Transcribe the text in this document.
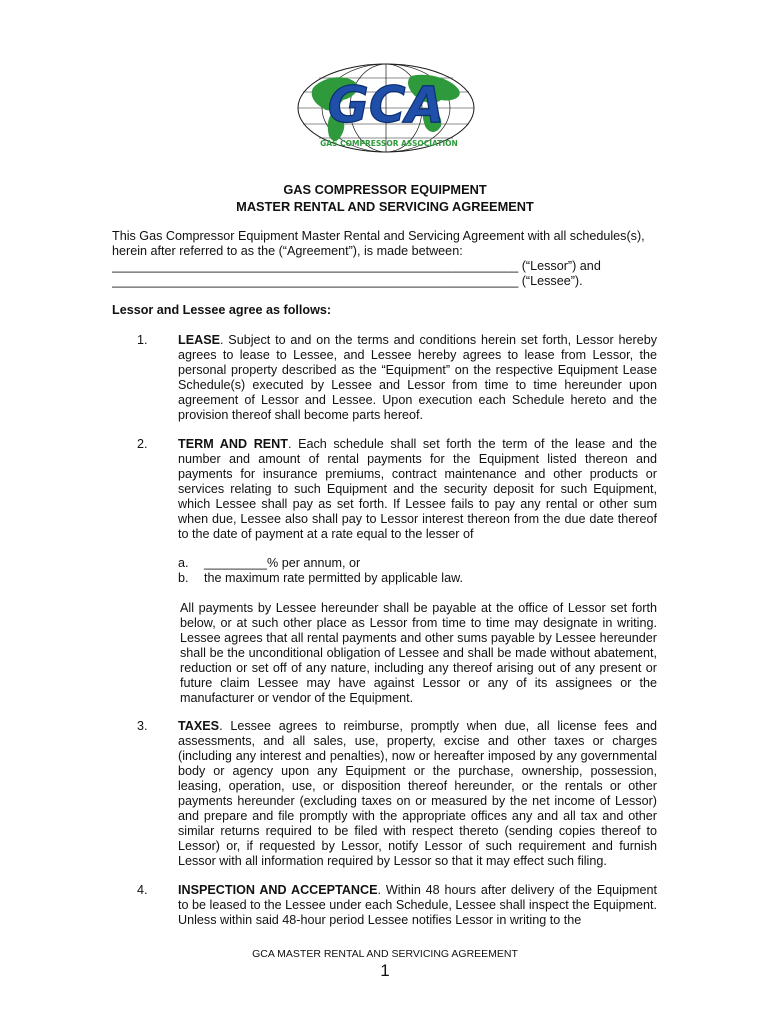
GCA
GAS COMPRESSOR ASSOCIATION
GAS COMPRESSOR EQUIPMENT
MASTER RENTAL AND SERVICING AGREEMENT

This Gas Compressor Equipment Master Rental and Servicing Agreement with all schedules(s), herein after referred to as the (“Agreement”), is made between:

__________________________________________________________ (“Lessor”) and

__________________________________________________________ (“Lessee”).

Lessor and Lessee agree as follows:
1. LEASE. Subject to and on the terms and conditions herein set forth, Lessor hereby agrees to lease to Lessee, and Lessee hereby agrees to lease from Lessor, the personal property described as the “Equipment” on the respective Equipment Lease Schedule(s) executed by Lessee and Lessor from time to time hereunder upon agreement of Lessor and Lessee. Upon execution each Schedule hereto and the provision thereof shall become parts hereof.

2. TERM AND RENT. Each schedule shall set forth the term of the lease and the number and amount of rental payments for the Equipment listed thereon and payments for insurance premiums, contract maintenance and other products or services relating to such Equipment and the security deposit for such Equipment, which Lessee shall pay as set forth. If Lessee fails to pay any rental or other sum when due, Lessee also shall pay to Lessor interest thereon from the due date thereof to the date of payment at a rate equal to the lesser of

a. _________% per annum, or
b. the maximum rate permitted by applicable law.
All payments by Lessee hereunder shall be payable at the office of Lessor set forth below, or at such other place as Lessor from time to time may designate in writing. Lessee agrees that all rental payments and other sums payable by Lessee hereunder shall be the unconditional obligation of Lessee and shall be made without abatement, reduction or set off of any nature, including any thereof arising out of any present or future claim Lessee may have against Lessor or any of its assignees or the manufacturer or vendor of the Equipment.
3. TAXES. Lessee agrees to reimburse, promptly when due, all license fees and assessments, and all sales, use, property, excise and other taxes or charges (including any interest and penalties), now or hereafter imposed by any governmental body or agency upon any Equipment or the purchase, ownership, possession, leasing, operation, use, or disposition thereof hereunder, or the rentals or other payments hereunder (excluding taxes on or measured by the net income of Lessor) and prepare and file promptly with the appropriate offices any and all tax and other similar returns required to be filed with respect thereto (sending copies thereof to Lessor) or, if requested by Lessor, notify Lessor of such requirement and furnish Lessor with all information required by Lessor so that it may effect such filing.

4. INSPECTION AND ACCEPTANCE. Within 48 hours after delivery of the Equipment to be leased to the Lessee under each Schedule, Lessee shall inspect the Equipment. Unless within said 48-hour period Lessee notifies Lessor in writing to the

GCA MASTER RENTAL AND SERVICING AGREEMENT
1
